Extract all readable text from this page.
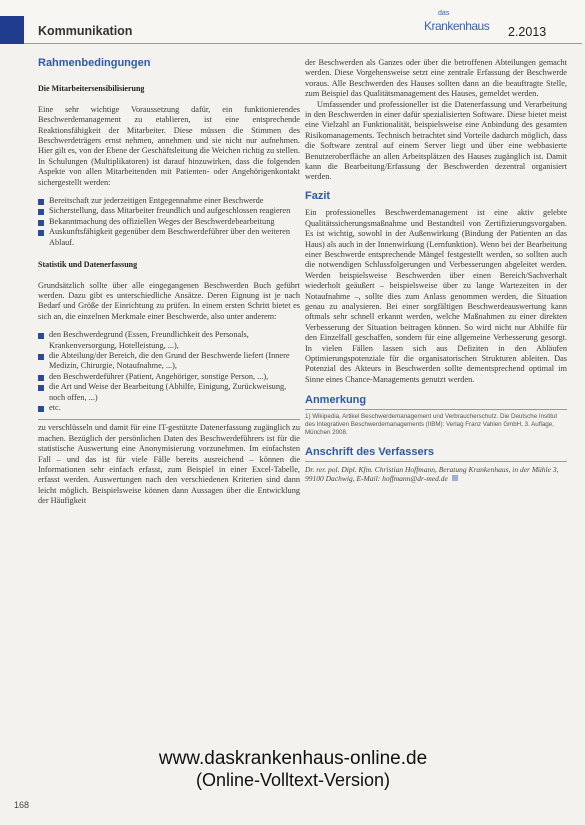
Kommunikation
das
Krankenhaus 2.2013
Rahmenbedingungen
Die Mitarbeitersensibilisierung

Eine sehr wichtige Voraussetzung dafür, ein funktionierendes Beschwerdemanagement zu etablieren, ist eine entsprechende Reaktionsfähigkeit der Mitarbeiter. Diese müssen die Stimmen des Beschwerdeträgers ernst nehmen, annehmen und sie nicht nur aufnehmen. Hier gilt es, von der Ebene der Geschäftsleitung die Weichen richtig zu stellen. In Schulungen (Multiplikatoren) ist darauf hinzuwirken, dass die folgenden Aspekte von allen Mitarbeitenden mit Patienten- oder Angehörigenkontakt sichergestellt werden:

Bereitschaft zur jederzeitigen Entgegennahme einer Beschwerde
Sicherstellung, dass Mitarbeiter freundlich und aufgeschlossen reagieren
Bekanntmachung des offiziellen Weges der Beschwerdebearbeitung
Auskunftsfähigkeit gegenüber dem Beschwerdeführer über den weiteren Ablauf.
Statistik und Datenerfassung

Grundsätzlich sollte über alle eingegangenen Beschwerden Buch geführt werden. Dazu gibt es unterschiedliche Ansätze. Deren Eignung ist je nach Bedarf und Größe der Einrichtung zu prüfen. In einem ersten Schritt bietet es sich an, die einzelnen Merkmale einer Beschwerde, also unter anderem:

den Beschwerdegrund (Essen, Freundlichkeit des Personals, Krankenversorgung, Hotelleistung, ...),
die Abteilung/der Bereich, die den Grund der Beschwerde liefert (Innere Medizin, Chirurgie, Notaufnahme, ...),
den Beschwerdeführer (Patient, Angehöriger, sonstige Person, ...),
die Art und Weise der Bearbeitung (Abhilfe, Einigung, Zurückweisung, noch offen, ...)
etc.

zu verschlüsseln und damit für eine IT-gestützte Datenerfassung zugänglich zu machen. Bezüglich der persönlichen Daten des Beschwerdeführers ist für die statistische Auswertung eine Anonymisierung vorzunehmen. Im einfachsten Fall – und das ist für viele Fälle bereits ausreichend – können die Informationen sehr einfach erfasst, zum Beispiel in einer Excel-Tabelle, erfasst werden. Auswertungen nach den verschiedenen Kriterien sind dann leicht möglich. Beispielsweise können dann Aussagen über die Entwicklung der Häufigkeit

der Beschwerden als Ganzes oder über die betroffenen Abteilungen gemacht werden. Diese Vorgehensweise setzt eine zentrale Erfassung der Beschwerde voraus. Alle Beschwerden des Hauses sollten dann an die beauftragte Stelle, zum Beispiel das Qualitätsmanagement des Hauses, gemeldet werden.

Umfassender und professioneller ist die Datenerfassung und Verarbeitung in den Beschwerden in einer dafür spezialisierten Software. Diese bietet meist eine Vielzahl an Funktionalität, beispielsweise eine Anbindung des gesamten Risikomanagements. Technisch betrachtet sind Vorteile dadurch möglich, dass die Software zentral auf einem Server liegt und über eine webbasierte Benutzeroberfläche an allen Arbeitsplätzen des Hauses zugänglich ist. Damit kann die Bearbeitung/Erfassung der Beschwerden dezentral organisiert werden.

Fazit

Ein professionelles Beschwerdemanagement ist eine aktiv gelebte Qualitätssicherungsmaßnahme und Bestandteil von Zertifizierungsvorgaben. Es ist wichtig, sowohl in der Außenwirkung (Bindung der Patienten an das Haus) als auch in der Innenwirkung (Lernfunktion). Wenn bei der Bearbeitung einer Beschwerde entsprechende Mängel festgestellt werden, so sollten auch die notwendigen Schlussfolgerungen und Verbesserungen abgeleitet werden. Werden beispielsweise Beschwerden über einen Bereich/Sachverhalt wiederholt geäußert – beispielsweise über zu lange Wartezeiten in der Notaufnahme –, sollte dies zum Anlass genommen werden, die Situation genau zu analysieren. Bei einer sorgfältigen Beschwerdeauswertung kann oftmals sehr schnell erkannt werden, welche Maßnahmen zu einer direkten Verbesserung der Situation beitragen können. So wird nicht nur Abhilfe für den Einzelfall geschaffen, sondern für eine allgemeine Verbesserung gesorgt. In vielen Fällen lassen sich aus Defiziten in den Abläufen Optimierungspotenziale für die organisatorischen Strukturen ableiten. Das Potenzial des Akteurs in Beschwerden sollte dementsprechend optimal im Sinne eines Chance-Managements genutzt werden.

Anmerkung
1) Wikipedia, Artikel Beschwerdemanagement und Verbraucherschutz. Die Deutsche Institut des Integrativen Beschwerdemanagements (IIBM): Verlag Franz Vahlen GmbH, 3. Auflage, München 2008.
Anschrift des Verfassers
Dr. rer. pol. Dipl. Kfm. Christian Hoffmann, Beratung Krankenhaus, in der Mühle 3, 99100 Dachwig, E-Mail: hoffmann@dr-med.de
www.daskrankenhaus-online.de
(Online-Volltext-Version)
168
